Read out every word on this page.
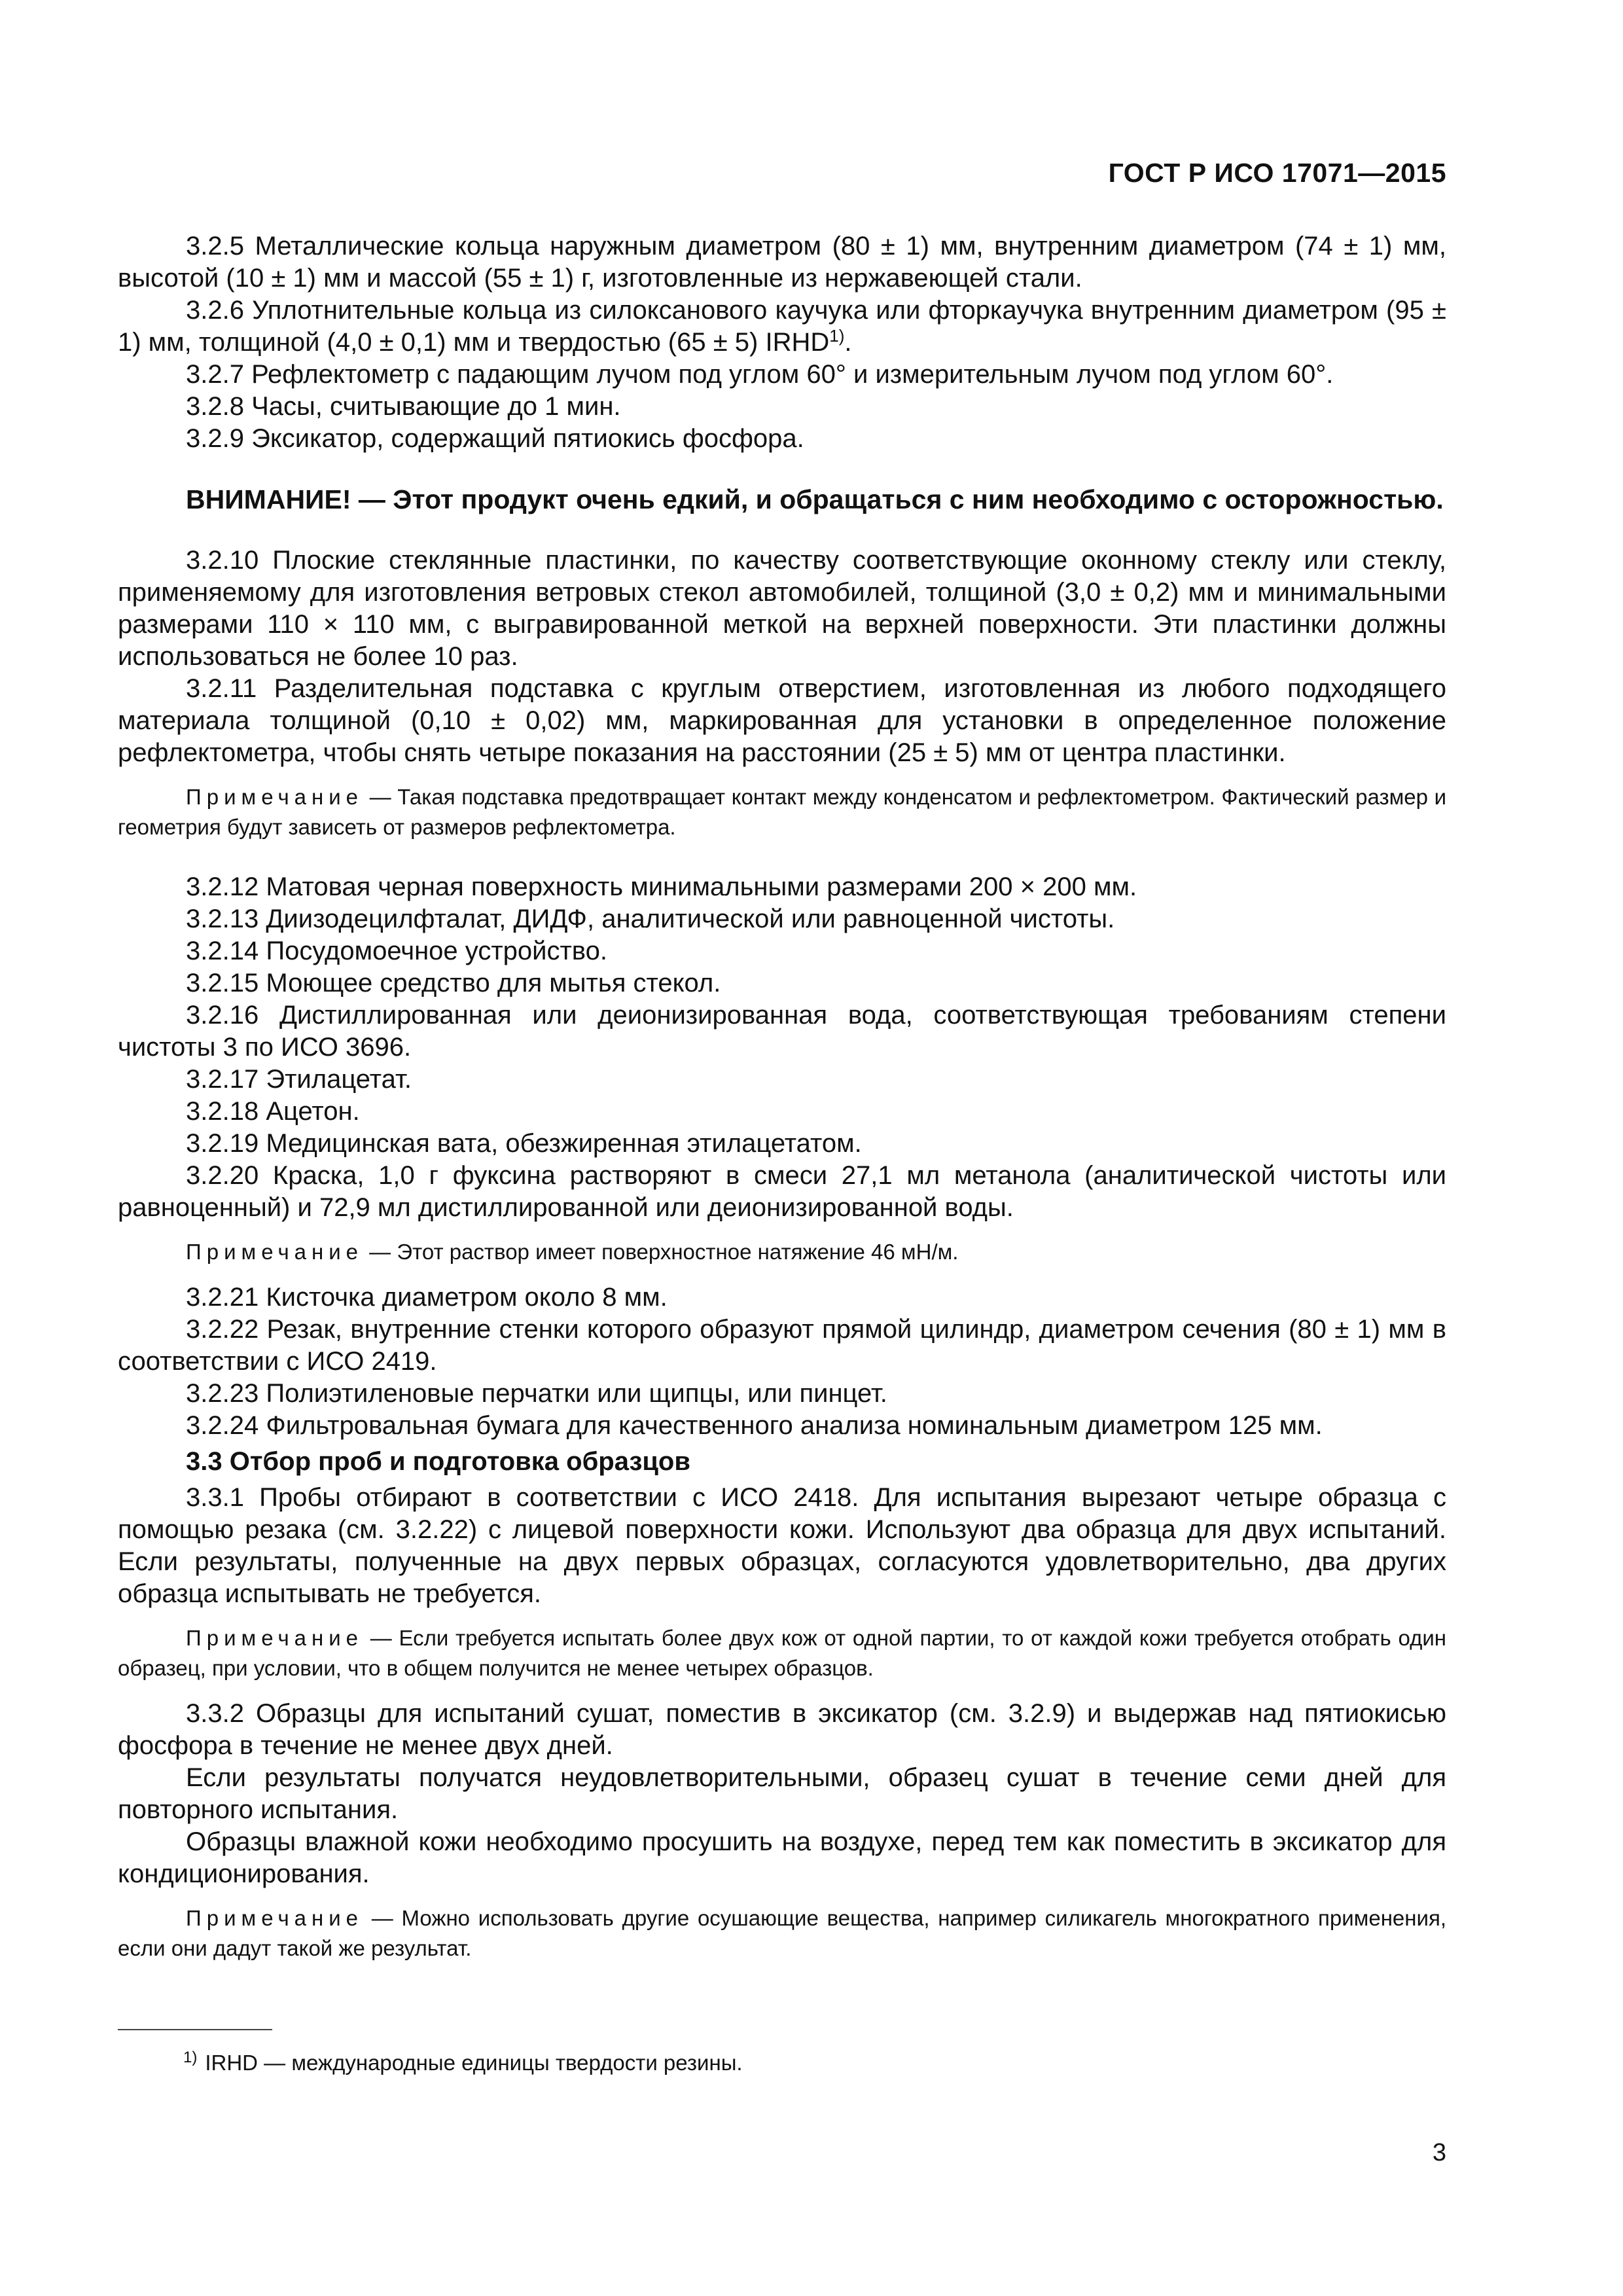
ГОСТ Р ИСО 17071—2015

3.2.5 Металлические кольца наружным диаметром (80 ± 1) мм, внутренним диаметром (74 ± 1) мм, высотой (10 ± 1) мм и массой (55 ± 1) г, изготовленные из нержавеющей стали.

3.2.6 Уплотнительные кольца из силоксанового каучука или фторкаучука внутренним диаметром (95 ± 1) мм, толщиной (4,0 ± 0,1) мм и твердостью (65 ± 5) IRHD$^{1)}$.

3.2.7 Рефлектометр с падающим лучом под углом 60° и измерительным лучом под углом 60°.

3.2.8 Часы, считывающие до 1 мин.

3.2.9 Эксикатор, содержащий пятиокись фосфора.

ВНИМАНИЕ! — Этот продукт очень едкий, и обращаться с ним необходимо с осторожностью.

3.2.10 Плоские стеклянные пластинки, по качеству соответствующие оконному стеклу или стеклу, применяемому для изготовления ветровых стекол автомобилей, толщиной (3,0 ± 0,2) мм и минимальными размерами 110 × 110 мм, с выгравированной меткой на верхней поверхности. Эти пластинки должны использоваться не более 10 раз.

3.2.11 Разделительная подставка с круглым отверстием, изготовленная из любого подходящего материала толщиной (0,10 ± 0,02) мм, маркированная для установки в определенное положение рефлектометра, чтобы снять четыре показания на расстоянии (25 ± 5) мм от центра пластинки.

Примечание — Такая подставка предотвращает контакт между конденсатом и рефлектометром. Фактический размер и геометрия будут зависеть от размеров рефлектометра.

3.2.12 Матовая черная поверхность минимальными размерами 200 × 200 мм.

3.2.13 Диизодецилфталат, ДИДФ, аналитической или равноценной чистоты.

3.2.14 Посудомоечное устройство.

3.2.15 Моющее средство для мытья стекол.

3.2.16 Дистиллированная или деионизированная вода, соответствующая требованиям степени чистоты 3 по ИСО 3696.

3.2.17 Этилацетат.

3.2.18 Ацетон.

3.2.19 Медицинская вата, обезжиренная этилацетатом.

3.2.20 Краска, 1,0 г фуксина растворяют в смеси 27,1 мл метанола (аналитической чистоты или равноценный) и 72,9 мл дистиллированной или деионизированной воды.

Примечание — Этот раствор имеет поверхностное натяжение 46 мН/м.

3.2.21 Кисточка диаметром около 8 мм.

3.2.22 Резак, внутренние стенки которого образуют прямой цилиндр, диаметром сечения (80 ± 1) мм в соответствии с ИСО 2419.

3.2.23 Полиэтиленовые перчатки или щипцы, или пинцет.

3.2.24 Фильтровальная бумага для качественного анализа номинальным диаметром 125 мм.

3.3 Отбор проб и подготовка образцов

3.3.1 Пробы отбирают в соответствии с ИСО 2418. Для испытания вырезают четыре образца с помощью резака (см. 3.2.22) с лицевой поверхности кожи. Используют два образца для двух испытаний. Если результаты, полученные на двух первых образцах, согласуются удовлетворительно, два других образца испытывать не требуется.

Примечание — Если требуется испытать более двух кож от одной партии, то от каждой кожи требуется отобрать один образец, при условии, что в общем получится не менее четырех образцов.

3.3.2 Образцы для испытаний сушат, поместив в эксикатор (см. 3.2.9) и выдержав над пятиокисью фосфора в течение не менее двух дней.

Если результаты получатся неудовлетворительными, образец сушат в течение семи дней для повторного испытания.

Образцы влажной кожи необходимо просушить на воздухе, перед тем как поместить в эксикатор для кондиционирования.

Примечание — Можно использовать другие осушающие вещества, например силикагель многократного применения, если они дадут такой же результат.

$^{1)}$ IRHD — международные единицы твердости резины.
3
